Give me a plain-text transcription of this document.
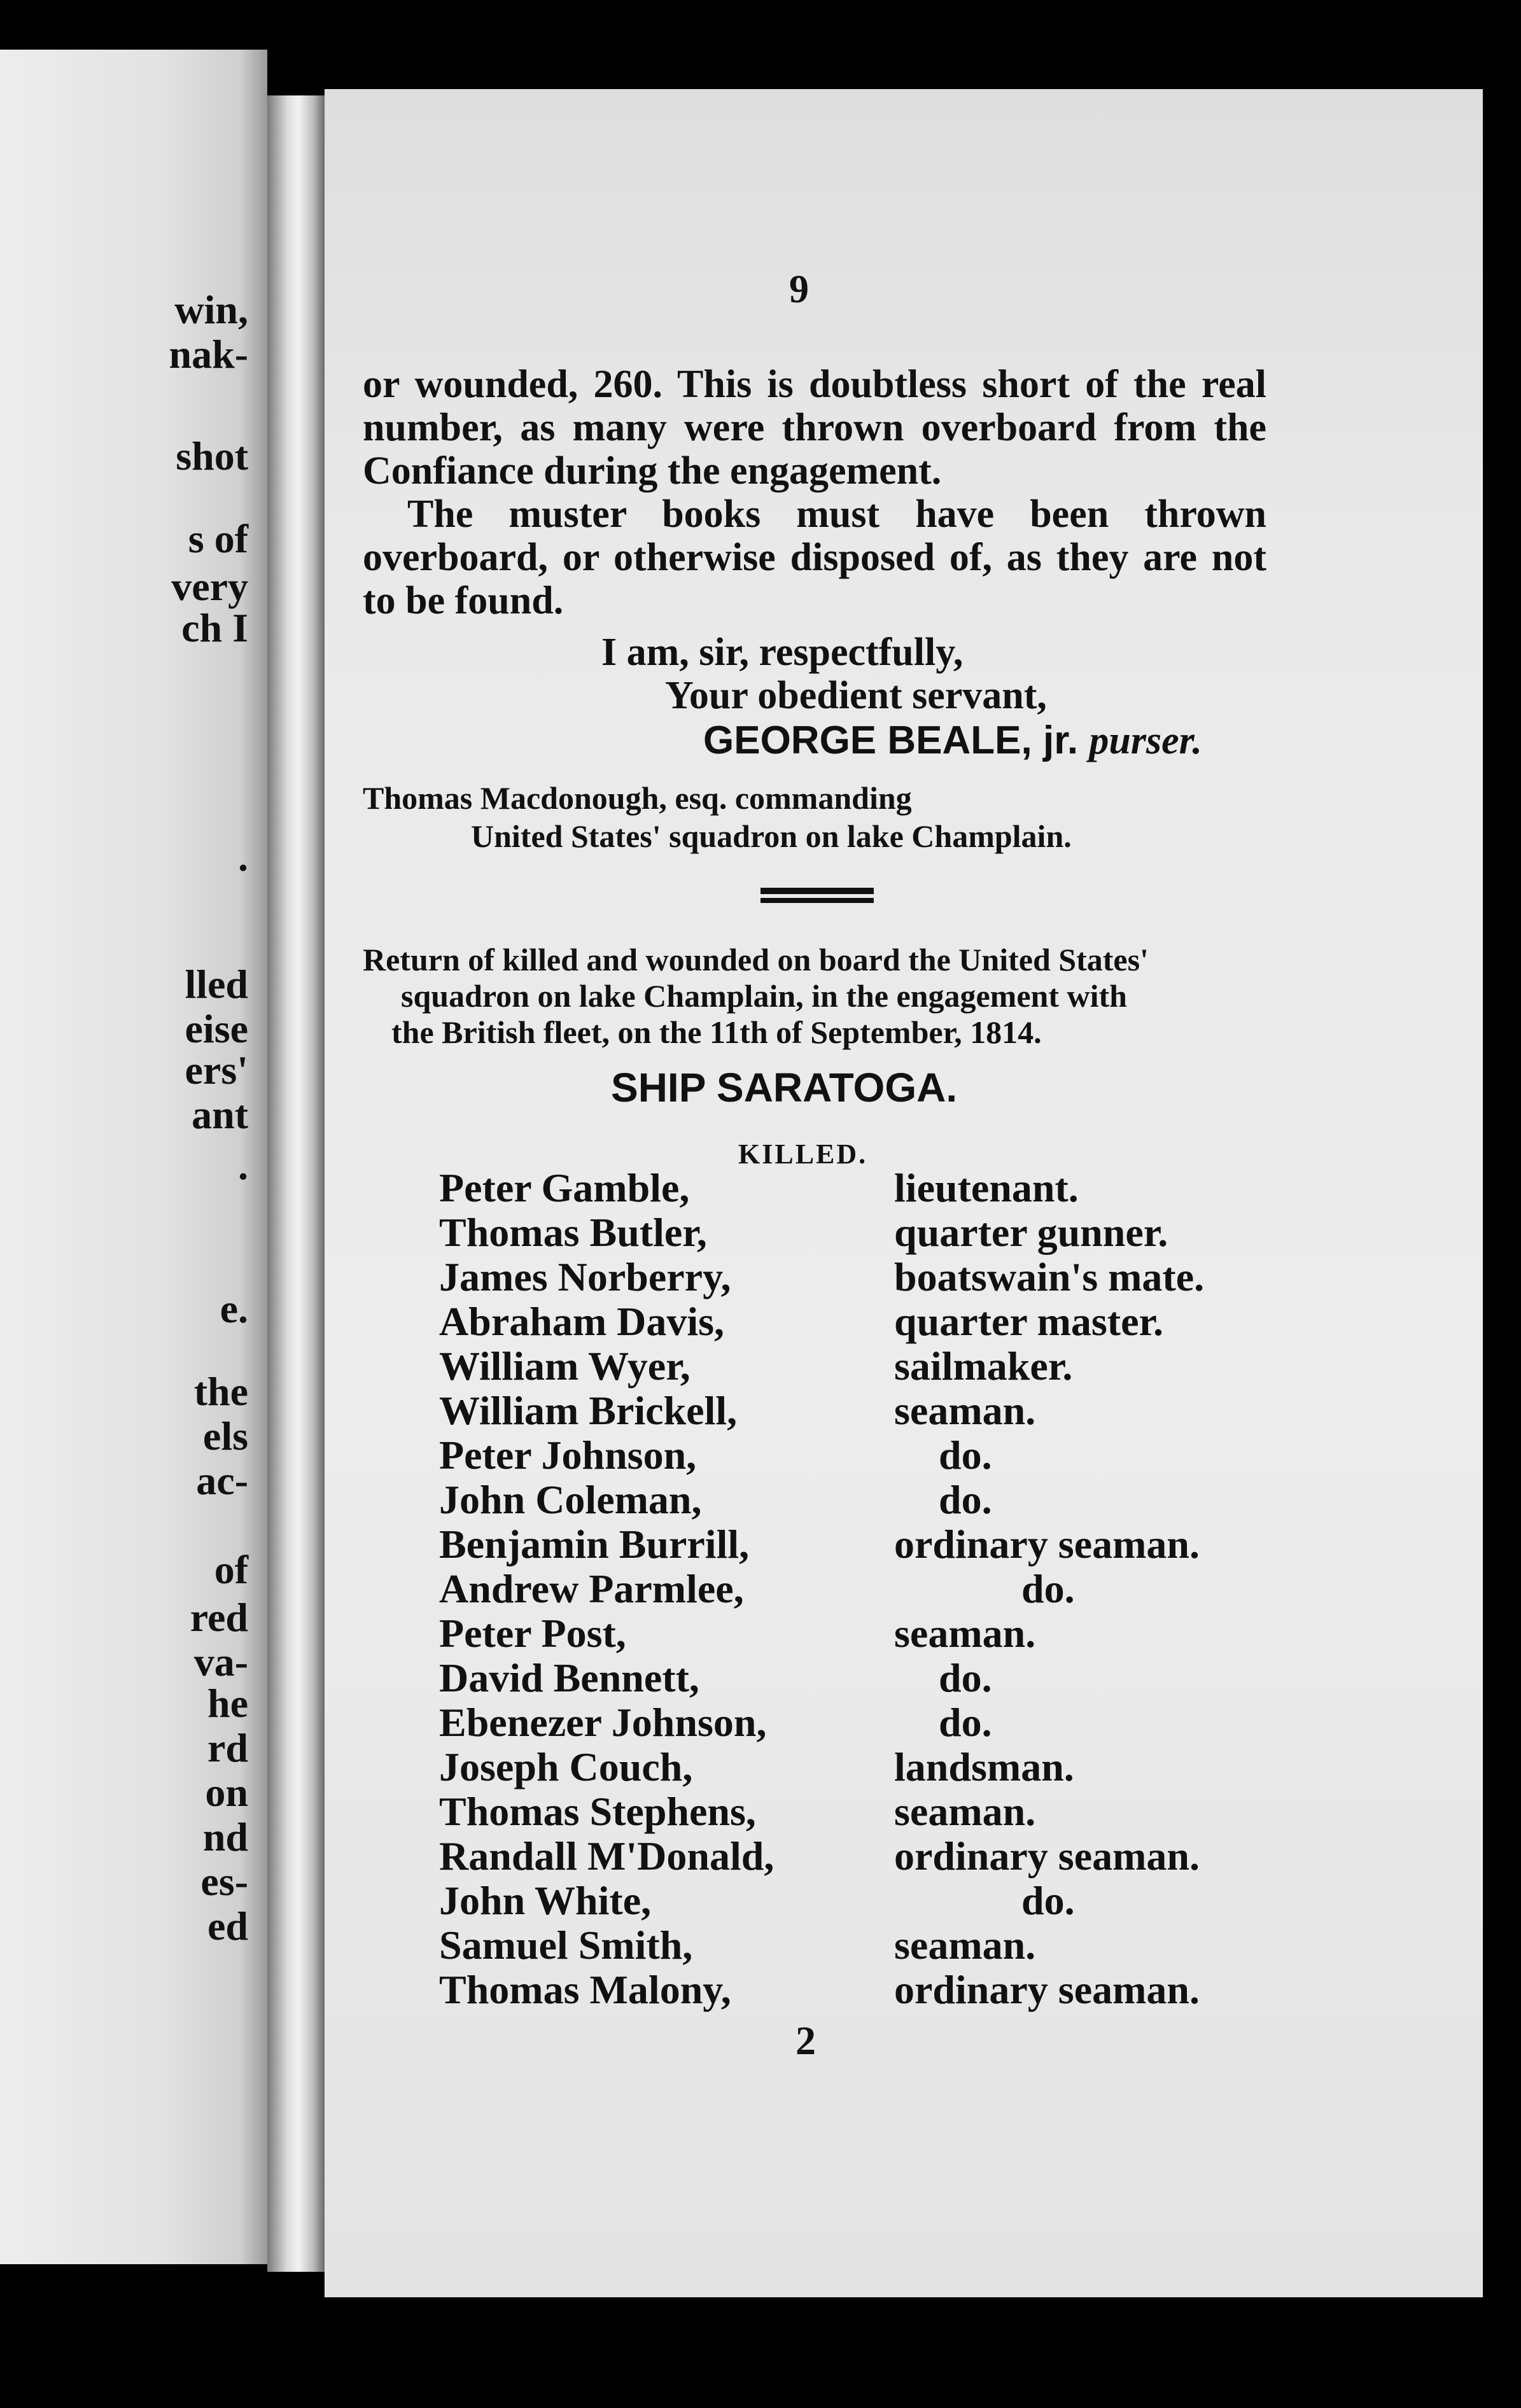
win,
nak-
shot
s of
very
ch I
.
lled
eise
ers'
ant
.
e.
the
els
ac-
of
red
va-
he
rd
on
nd
es-
ed
9

or wounded, 260. This is doubtless short of the real number, as many were thrown overboard from the Confiance during the engagement.

The muster books must have been thrown overboard, or otherwise disposed of, as they are not to be found.

I am, sir, respectfully,
Your obedient servant,
GEORGE BEALE, jr. purser.
Thomas Macdonough, esq. commanding
United States' squadron on lake Champlain.
Return of killed and wounded on board the United States'
squadron on lake Champlain, in the engagement with
the British fleet, on the 11th of September, 1814.
SHIP SARATOGA.
KILLED.
Peter Gamble,	lieutenant.
Thomas Butler,	quarter gunner.
James Norberry,	boatswain's mate.
Abraham Davis,	quarter master.
William Wyer,	sailmaker.
William Brickell,	seaman.
Peter Johnson,	do.
John Coleman,	do.
Benjamin Burrill,	ordinary seaman.
Andrew Parmlee,	do.
Peter Post,	seaman.
David Bennett,	do.
Ebenezer Johnson,	do.
Joseph Couch,	landsman.
Thomas Stephens,	seaman.
Randall M'Donald,	ordinary seaman.
John White,	do.
Samuel Smith,	seaman.
Thomas Malony,	ordinary seaman.
2
